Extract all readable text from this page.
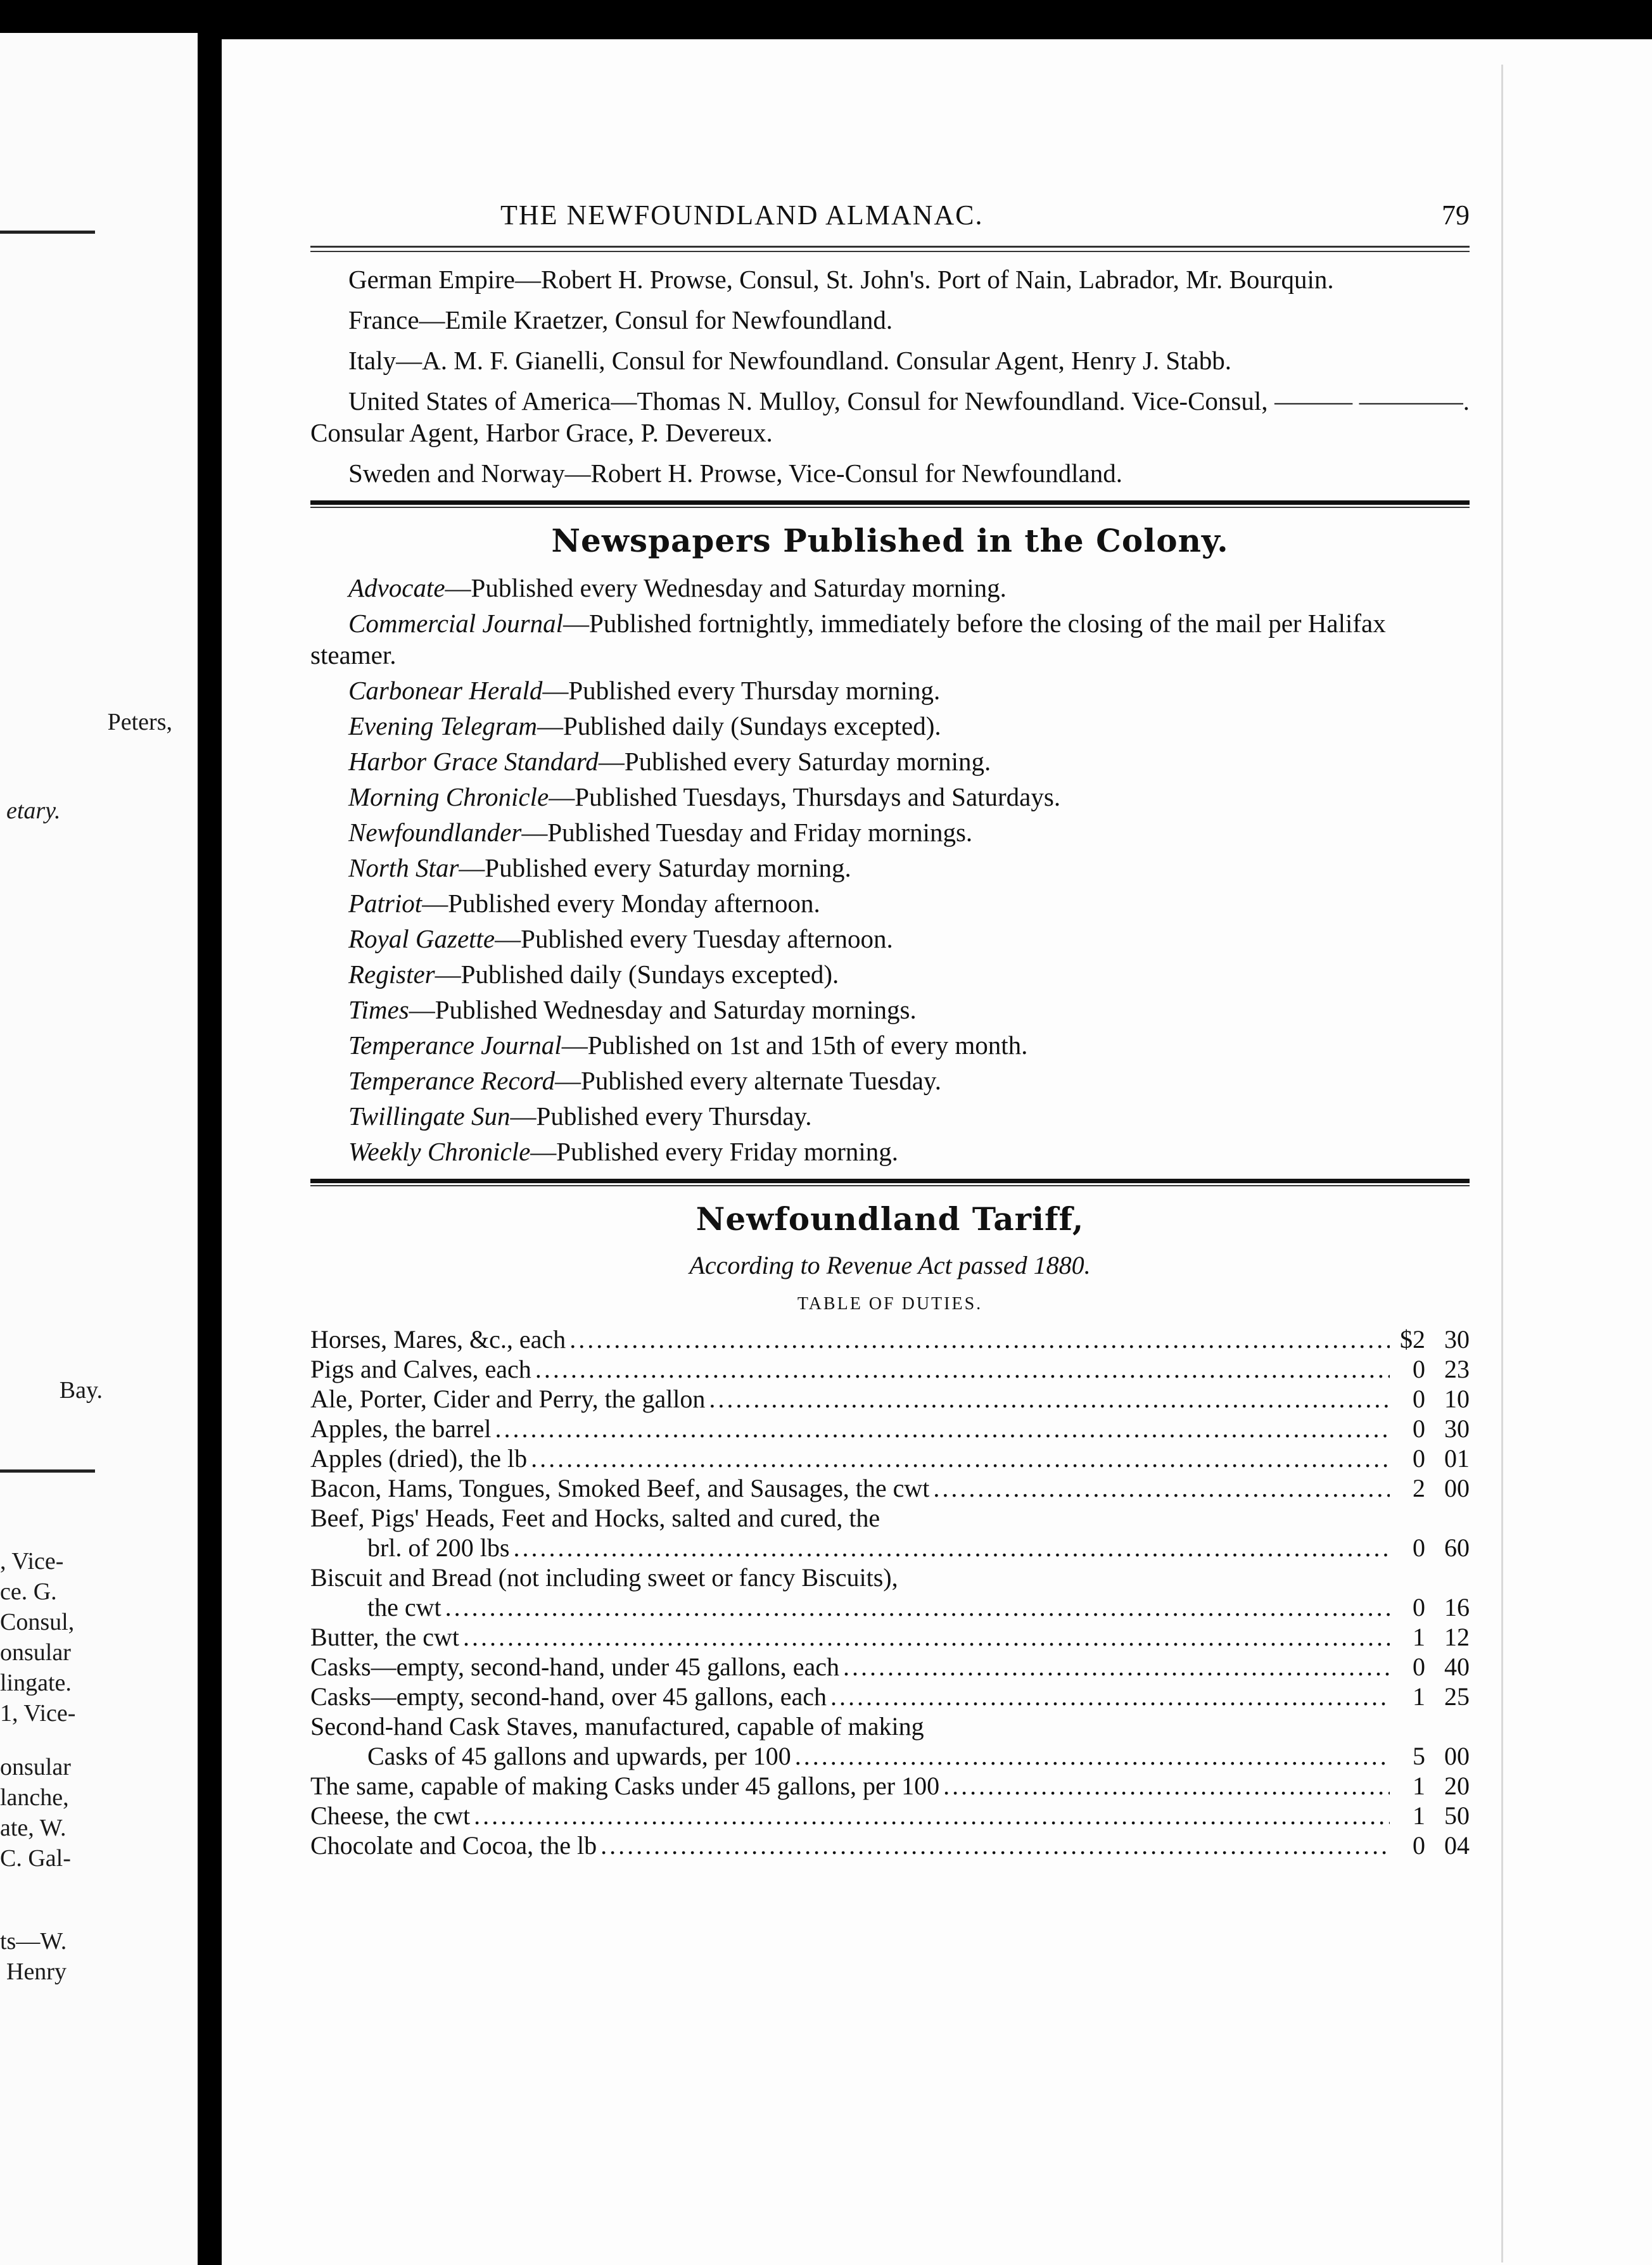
Peters,
etary.
Bay.
, Vice-
ce. G.
Consul,
onsular
lingate.
1, Vice-
onsular
lanche,
ate, W.
C. Gal-
ts—W.
Henry
THE NEWFOUNDLAND ALMANAC.	79

German Empire—Robert H. Prowse, Consul, St. John's. Port of Nain, Labrador, Mr. Bourquin.

France—Emile Kraetzer, Consul for Newfoundland.

Italy—A. M. F. Gianelli, Consul for Newfoundland. Consular Agent, Henry J. Stabb.

United States of America—Thomas N. Mulloy, Consul for Newfoundland. Vice-Consul, ——— ————. Consular Agent, Harbor Grace, P. Devereux.

Sweden and Norway—Robert H. Prowse, Vice-Consul for Newfoundland.

Newspapers Published in the Colony.

Advocate—Published every Wednesday and Saturday morning.

Commercial Journal—Published fortnightly, immediately before the closing of the mail per Halifax steamer.

Carbonear Herald—Published every Thursday morning.

Evening Telegram—Published daily (Sundays excepted).

Harbor Grace Standard—Published every Saturday morning.

Morning Chronicle—Published Tuesdays, Thursdays and Saturdays.

Newfoundlander—Published Tuesday and Friday mornings.

North Star—Published every Saturday morning.

Patriot—Published every Monday afternoon.

Royal Gazette—Published every Tuesday afternoon.

Register—Published daily (Sundays excepted).

Times—Published Wednesday and Saturday mornings.

Temperance Journal—Published on 1st and 15th of every month.

Temperance Record—Published every alternate Tuesday.

Twillingate Sun—Published every Thursday.

Weekly Chronicle—Published every Friday morning.

Newfoundland Tariff,
According to Revenue Act passed 1880.
TABLE OF DUTIES.
Horses, Mares, &c., each .....	$2 30
Pigs and Calves, each .....	0 23
Ale, Porter, Cider and Perry, the gallon .....	0 10
Apples, the barrel .....	0 30
Apples (dried), the lb .....	0 01
Bacon, Hams, Tongues, Smoked Beef, and Sausages, the cwt .....	2 00
Beef, Pigs' Heads, Feet and Hocks, salted and cured, the
brl. of 200 lbs .....	0 60
Biscuit and Bread (not including sweet or fancy Biscuits),
the cwt .....	0 16
Butter, the cwt .....	1 12
Casks—empty, second-hand, under 45 gallons, each .....	0 40
Casks—empty, second-hand, over 45 gallons, each .....	1 25
Second-hand Cask Staves, manufactured, capable of making
Casks of 45 gallons and upwards, per 100 .....	5 00
The same, capable of making Casks under 45 gallons, per 100 .....	1 20
Cheese, the cwt .....	1 50
Chocolate and Cocoa, the lb .....	0 04
